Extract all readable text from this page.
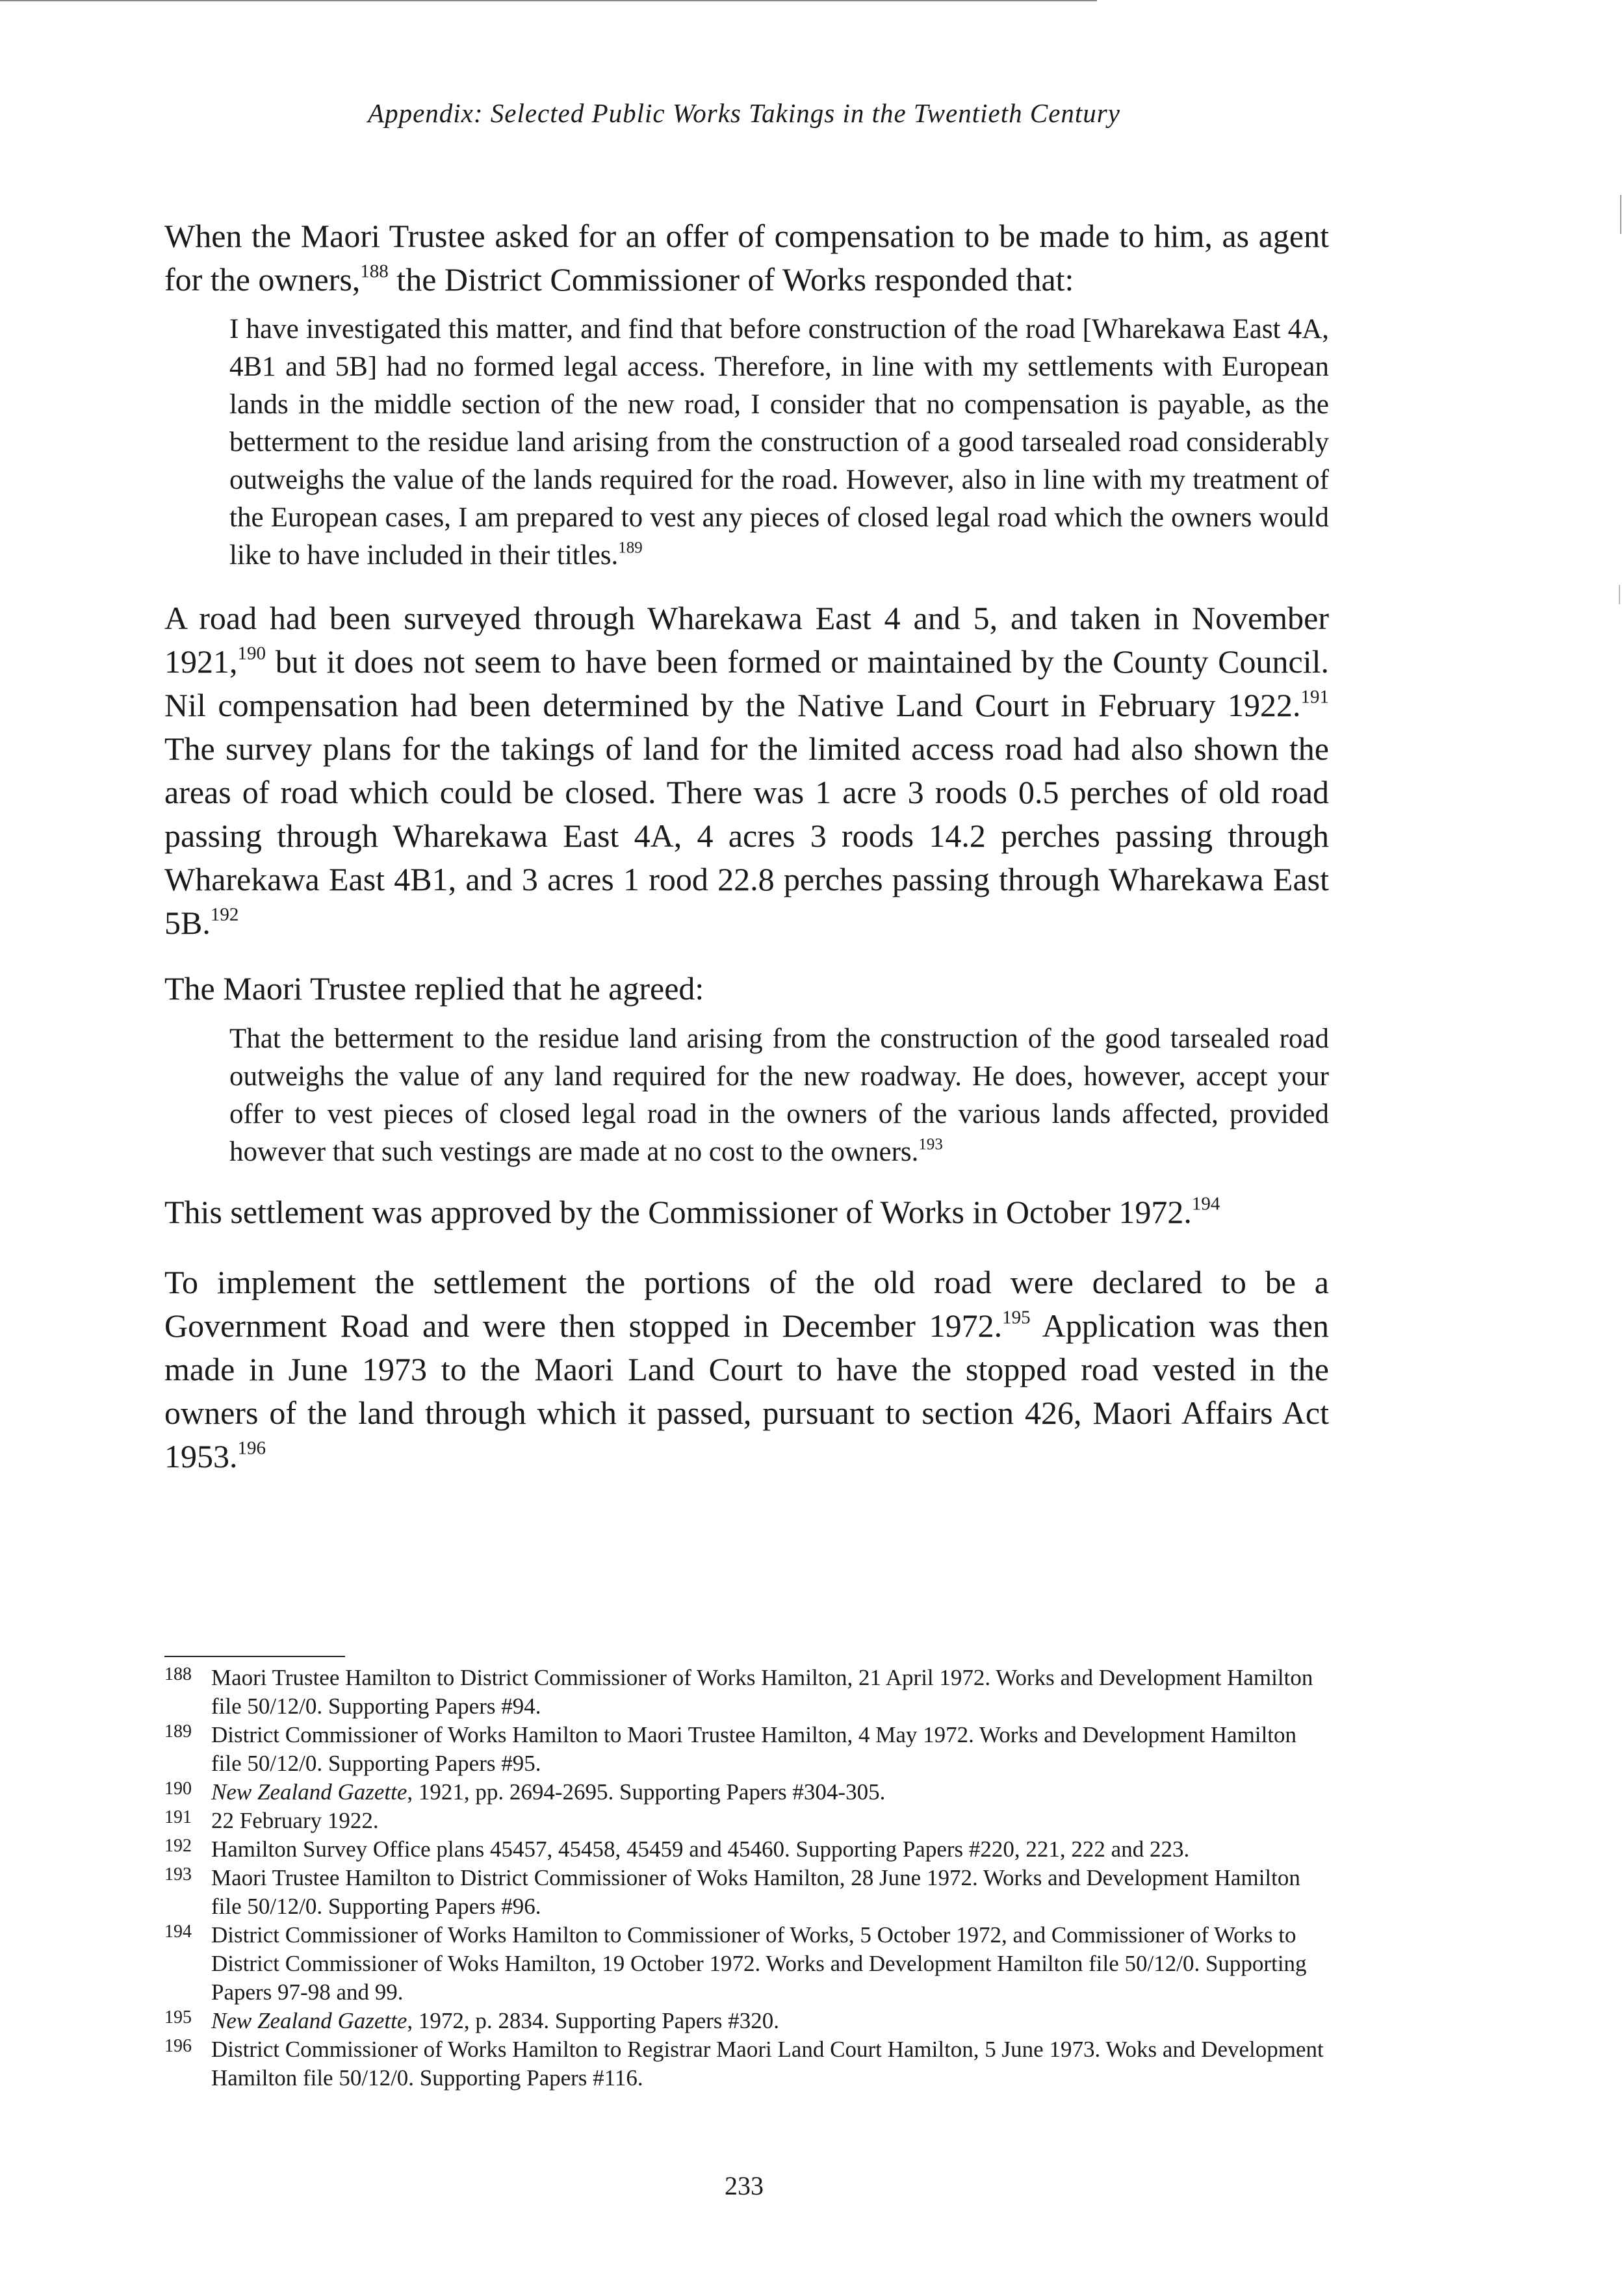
Appendix: Selected Public Works Takings in the Twentieth Century

When the Maori Trustee asked for an offer of compensation to be made to him, as agent for the owners,$^{188}$ the District Commissioner of Works responded that:

I have investigated this matter, and find that before construction of the road [Wharekawa East 4A, 4B1 and 5B] had no formed legal access. Therefore, in line with my settlements with European lands in the middle section of the new road, I consider that no compensation is payable, as the betterment to the residue land arising from the construction of a good tarsealed road considerably outweighs the value of the lands required for the road. However, also in line with my treatment of the European cases, I am prepared to vest any pieces of closed legal road which the owners would like to have included in their titles.$^{189}$

A road had been surveyed through Wharekawa East 4 and 5, and taken in November 1921,$^{190}$ but it does not seem to have been formed or maintained by the County Council. Nil compensation had been determined by the Native Land Court in February 1922.$^{191}$ The survey plans for the takings of land for the limited access road had also shown the areas of road which could be closed. There was 1 acre 3 roods 0.5 perches of old road passing through Wharekawa East 4A, 4 acres 3 roods 14.2 perches passing through Wharekawa East 4B1, and 3 acres 1 rood 22.8 perches passing through Wharekawa East 5B.$^{192}$

The Maori Trustee replied that he agreed:

That the betterment to the residue land arising from the construction of the good tarsealed road outweighs the value of any land required for the new roadway. He does, however, accept your offer to vest pieces of closed legal road in the owners of the various lands affected, provided however that such vestings are made at no cost to the owners.$^{193}$

This settlement was approved by the Commissioner of Works in October 1972.$^{194}$

To implement the settlement the portions of the old road were declared to be a Government Road and were then stopped in December 1972.$^{195}$ Application was then made in June 1973 to the Maori Land Court to have the stopped road vested in the owners of the land through which it passed, pursuant to section 426, Maori Affairs Act 1953.$^{196}$

188 Maori Trustee Hamilton to District Commissioner of Works Hamilton, 21 April 1972. Works and Development Hamilton file 50/12/0. Supporting Papers #94.
189 District Commissioner of Works Hamilton to Maori Trustee Hamilton, 4 May 1972. Works and Development Hamilton file 50/12/0. Supporting Papers #95.
190 New Zealand Gazette, 1921, pp. 2694-2695. Supporting Papers #304-305.
191 22 February 1922.
192 Hamilton Survey Office plans 45457, 45458, 45459 and 45460. Supporting Papers #220, 221, 222 and 223.
193 Maori Trustee Hamilton to District Commissioner of Woks Hamilton, 28 June 1972. Works and Development Hamilton file 50/12/0. Supporting Papers #96.
194 District Commissioner of Works Hamilton to Commissioner of Works, 5 October 1972, and Commissioner of Works to District Commissioner of Woks Hamilton, 19 October 1972. Works and Development Hamilton file 50/12/0. Supporting Papers 97-98 and 99.
195 New Zealand Gazette, 1972, p. 2834. Supporting Papers #320.
196 District Commissioner of Works Hamilton to Registrar Maori Land Court Hamilton, 5 June 1973. Woks and Development Hamilton file 50/12/0. Supporting Papers #116.
233
